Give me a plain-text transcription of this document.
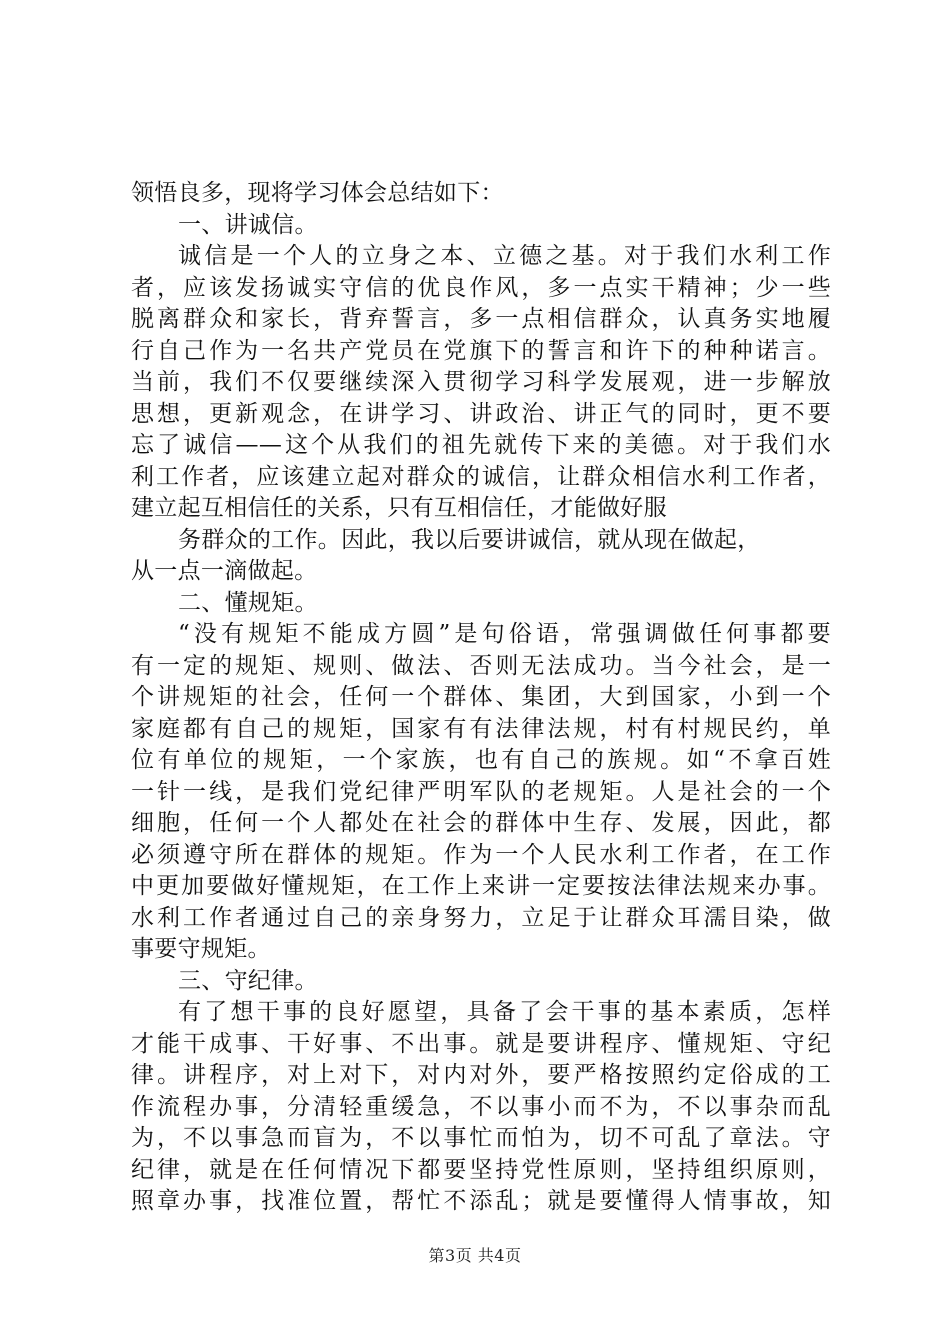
领悟良多，现将学习体会总结如下：
一、讲诚信。
诚信是一个人的立身之本、立德之基。对于我们水利工作
者，应该发扬诚实守信的优良作风，多一点实干精神；少一些
脱离群众和家长，背弃誓言，多一点相信群众，认真务实地履
行自己作为一名共产党员在党旗下的誓言和许下的种种诺言。
当前，我们不仅要继续深入贯彻学习科学发展观，进一步解放
思想，更新观念，在讲学习、讲政治、讲正气的同时，更不要
忘了诚信——这个从我们的祖先就传下来的美德。对于我们水
利工作者，应该建立起对群众的诚信，让群众相信水利工作者，
建立起互相信任的关系，只有互相信任，才能做好服
务群众的工作。因此，我以后要讲诚信，就从现在做起，
从一点一滴做起。
二、懂规矩。
“没有规矩不能成方圆”是句俗语，常强调做任何事都要
有一定的规矩、规则、做法、否则无法成功。当今社会，是一
个讲规矩的社会，任何一个群体、集团，大到国家，小到一个
家庭都有自己的规矩，国家有有法律法规，村有村规民约，单
位有单位的规矩，一个家族，也有自己的族规。如“不拿百姓
一针一线，是我们党纪律严明军队的老规矩。人是社会的一个
细胞，任何一个人都处在社会的群体中生存、发展，因此，都
必须遵守所在群体的规矩。作为一个人民水利工作者，在工作
中更加要做好懂规矩，在工作上来讲一定要按法律法规来办事。
水利工作者通过自己的亲身努力，立足于让群众耳濡目染，做
事要守规矩。
三、守纪律。
有了想干事的良好愿望，具备了会干事的基本素质，怎样
才能干成事、干好事、不出事。就是要讲程序、懂规矩、守纪
律。讲程序，对上对下，对内对外，要严格按照约定俗成的工
作流程办事，分清轻重缓急，不以事小而不为，不以事杂而乱
为，不以事急而盲为，不以事忙而怕为，切不可乱了章法。守
纪律，就是在任何情况下都要坚持党性原则，坚持组织原则，
照章办事，找准位置，帮忙不添乱；就是要懂得人情事故，知
第3页 共4页
